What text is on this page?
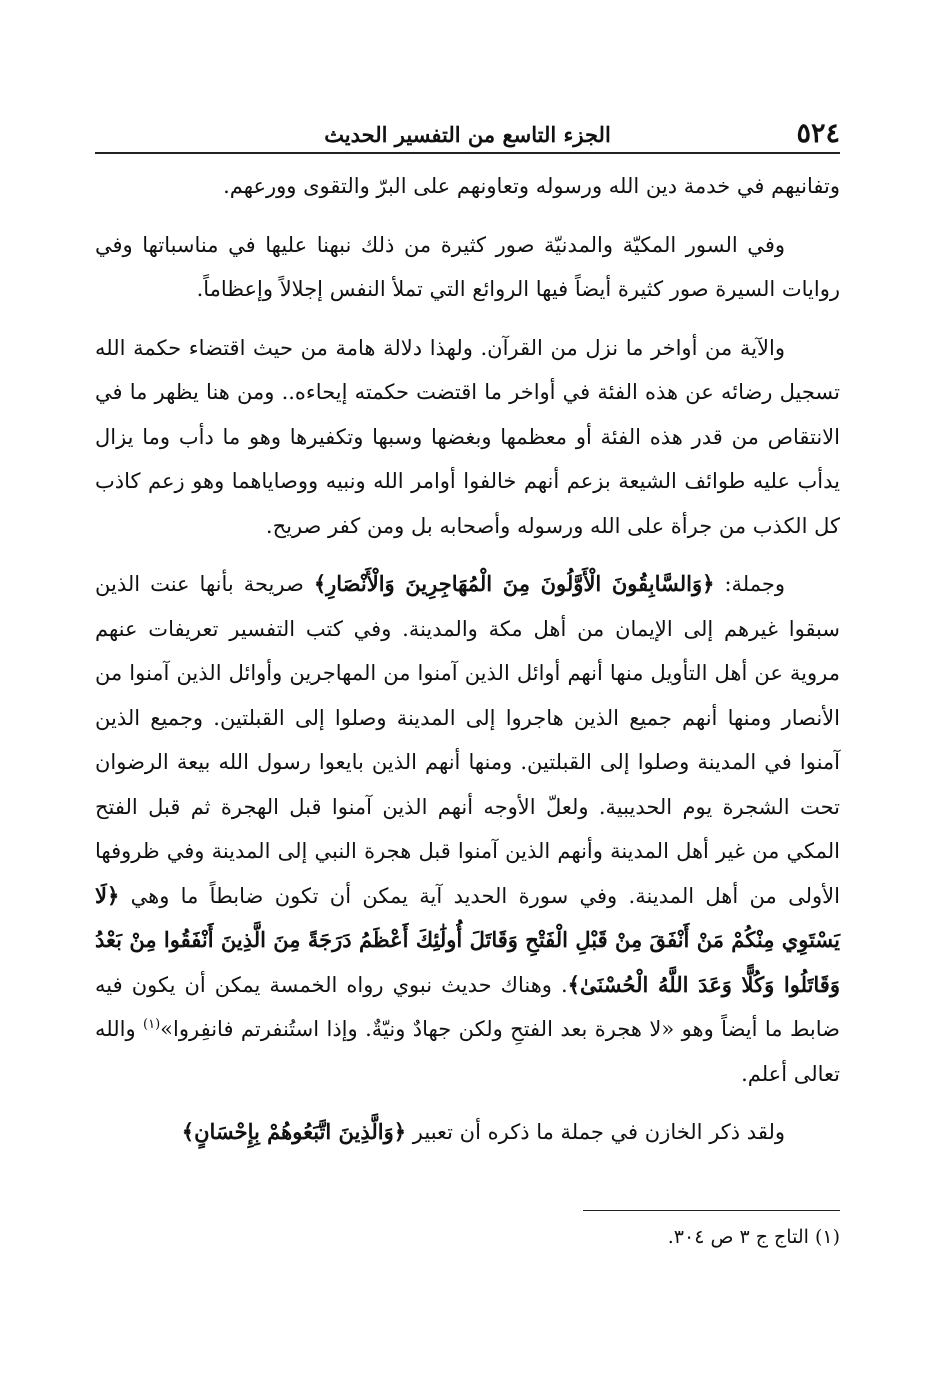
٥٢٤
الجزء التاسع من التفسير الحديث

وتفانيهم في خدمة دين الله ورسوله وتعاونهم على البرّ والتقوى وورعهم.

وفي السور المكيّة والمدنيّة صور كثيرة من ذلك نبهنا عليها في مناسباتها وفي روايات السيرة صور كثيرة أيضاً فيها الروائع التي تملأ النفس إجلالاً وإعظاماً.

والآية من أواخر ما نزل من القرآن. ولهذا دلالة هامة من حيث اقتضاء حكمة الله تسجيل رضائه عن هذه الفئة في أواخر ما اقتضت حكمته إيحاءه.. ومن هنا يظهر ما في الانتقاص من قدر هذه الفئة أو معظمها وبغضها وسبها وتكفيرها وهو ما دأب وما يزال يدأب عليه طوائف الشيعة بزعم أنهم خالفوا أوامر الله ونبيه ووصاياهما وهو زعم كاذب كل الكذب من جرأة على الله ورسوله وأصحابه بل ومن كفر صريح.

وجملة: ﴿وَالسَّابِقُونَ الْأَوَّلُونَ مِنَ الْمُهَاجِرِينَ وَالْأَنْصَارِ﴾ صريحة بأنها عنت الذين سبقوا غيرهم إلى الإيمان من أهل مكة والمدينة. وفي كتب التفسير تعريفات عنهم مروية عن أهل التأويل منها أنهم أوائل الذين آمنوا من المهاجرين وأوائل الذين آمنوا من الأنصار ومنها أنهم جميع الذين هاجروا إلى المدينة وصلوا إلى القبلتين. وجميع الذين آمنوا في المدينة وصلوا إلى القبلتين. ومنها أنهم الذين بايعوا رسول الله بيعة الرضوان تحت الشجرة يوم الحديبية. ولعلّ الأوجه أنهم الذين آمنوا قبل الهجرة ثم قبل الفتح المكي من غير أهل المدينة وأنهم الذين آمنوا قبل هجرة النبي إلى المدينة وفي ظروفها الأولى من أهل المدينة. وفي سورة الحديد آية يمكن أن تكون ضابطاً ما وهي ﴿لَا يَسْتَوِي مِنْكُمْ مَنْ أَنْفَقَ مِنْ قَبْلِ الْفَتْحِ وَقَاتَلَ أُولَٰئِكَ أَعْظَمُ دَرَجَةً مِنَ الَّذِينَ أَنْفَقُوا مِنْ بَعْدُ وَقَاتَلُوا وَكُلًّا وَعَدَ اللَّهُ الْحُسْنَىٰ﴾. وهناك حديث نبوي رواه الخمسة يمكن أن يكون فيه ضابط ما أيضاً وهو «لا هجرة بعد الفتحِ ولكن جهادٌ ونيّةٌ. وإذا استُنفرتم فانفِروا»$^{(١)}$ والله تعالى أعلم.

ولقد ذكر الخازن في جملة ما ذكره أن تعبير ﴿وَالَّذِينَ اتَّبَعُوهُمْ بِإِحْسَانٍ﴾

(١) التاج ج ٣ ص ٣٠٤.
